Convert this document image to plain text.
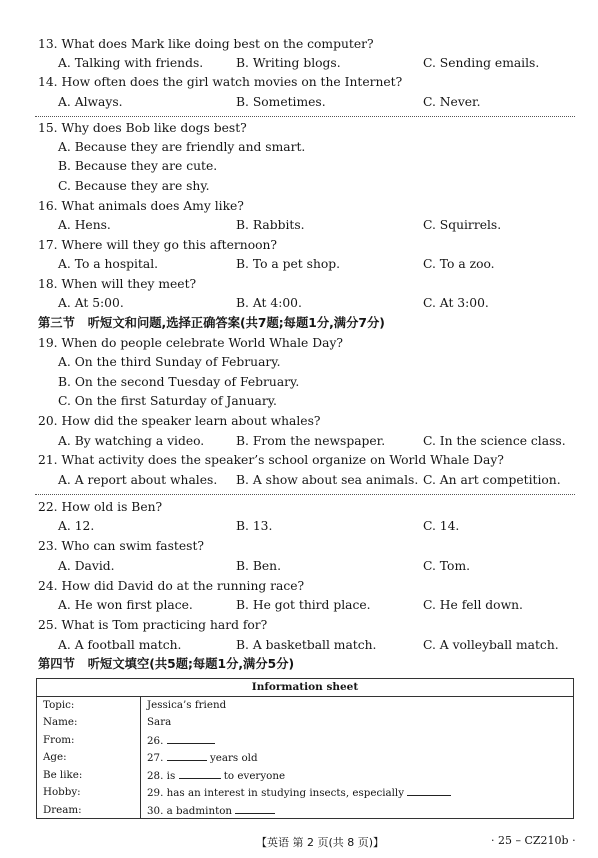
13. What does Mark like doing best on the computer?
A. Talking with friends.	B. Writing blogs.	C. Sending emails.
14. How often does the girl watch movies on the Internet?
A. Always.	B. Sometimes.	C. Never.
15. Why does Bob like dogs best?
A. Because they are friendly and smart.
B. Because they are cute.
C. Because they are shy.
16. What animals does Amy like?
A. Hens.	B. Rabbits.	C. Squirrels.
17. Where will they go this afternoon?
A. To a hospital.	B. To a pet shop.	C. To a zoo.
18. When will they meet?
A. At 5:00.	B. At 4:00.	C. At 3:00.
第三节 听短文和问题,选择正确答案(共7题;每题1分,满分7分)
19. When do people celebrate World Whale Day?
A. On the third Sunday of February.
B. On the second Tuesday of February.
C. On the first Saturday of January.
20. How did the speaker learn about whales?
A. By watching a video.	B. From the newspaper.	C. In the science class.
21. What activity does the speaker’s school organize on World Whale Day?
A. A report about whales. B. A show about sea animals. C. An art competition.
22. How old is Ben?
A. 12.	B. 13.	C. 14.
23. Who can swim fastest?
A. David.	B. Ben.	C. Tom.
24. How did David do at the running race?
A. He won first place.	B. He got third place.	C. He fell down.
25. What is Tom practicing hard for?
A. A football match.	B. A basketball match.	C. A volleyball match.
第四节 听短文填空(共5题;每题1分,满分5分)
Information sheet	
Topic:	Jessica’s friend
Name:	Sara
From:	26.
Age:	27. years old
Be like:	28. is to everyone
Hobby:	29. has an interest in studying insects, especially
Dream:	30. a badminton
【英语 第 2 页(共 8 页)】	· 25 – CZ210b ·
